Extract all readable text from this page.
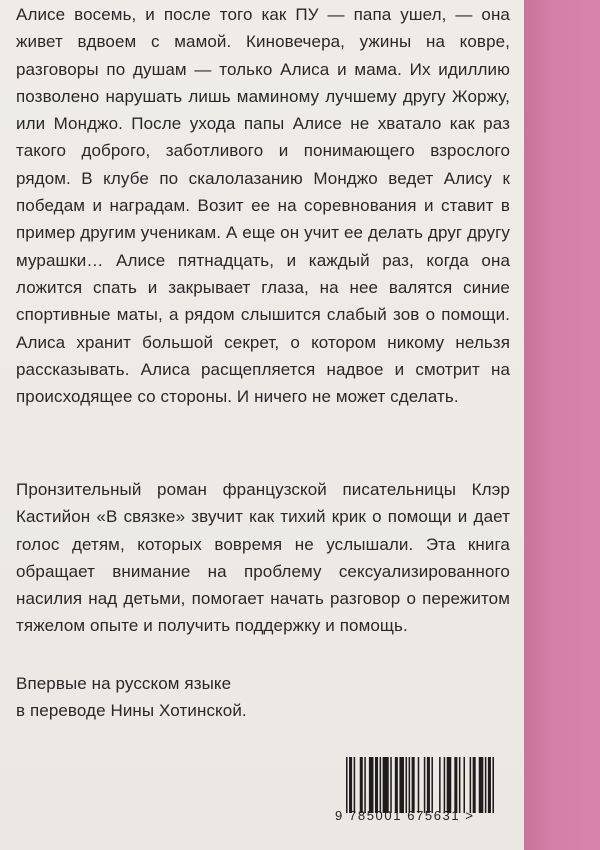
Алисе восемь, и после того как ПУ — папа ушел, — она живет вдвоем с мамой. Киновечера, ужины на ковре, разговоры по душам — только Алиса и мама. Их идиллию позволено нарушать лишь маминому лучшему другу Жоржу, или Монджо. После ухода папы Алисе не хватало как раз такого доброго, заботливого и понимающего взрослого рядом. В клубе по скалолазанию Монджо ведет Алису к победам и наградам. Возит ее на соревнования и ставит в пример другим ученикам. А еще он учит ее делать друг другу мурашки… Алисе пятнадцать, и каждый раз, когда она ложится спать и закрывает глаза, на нее валятся синие спортивные маты, а рядом слышится слабый зов о помощи. Алиса хранит большой секрет, о котором никому нельзя рассказывать. Алиса расщепляется надвое и смотрит на происходящее со стороны. И ничего не может сделать.

Пронзительный роман французской писательницы Клэр Кастийон «В связке» звучит как тихий крик о помощи и дает голос детям, которых вовремя не услышали. Эта книга обращает внимание на проблему сексуализированного насилия над детьми, помогает начать разговор о пережитом тяжелом опыте и получить поддержку и помощь.

Впервые на русском языке
в переводе Нины Хотинской.
9 785001 675631 >
